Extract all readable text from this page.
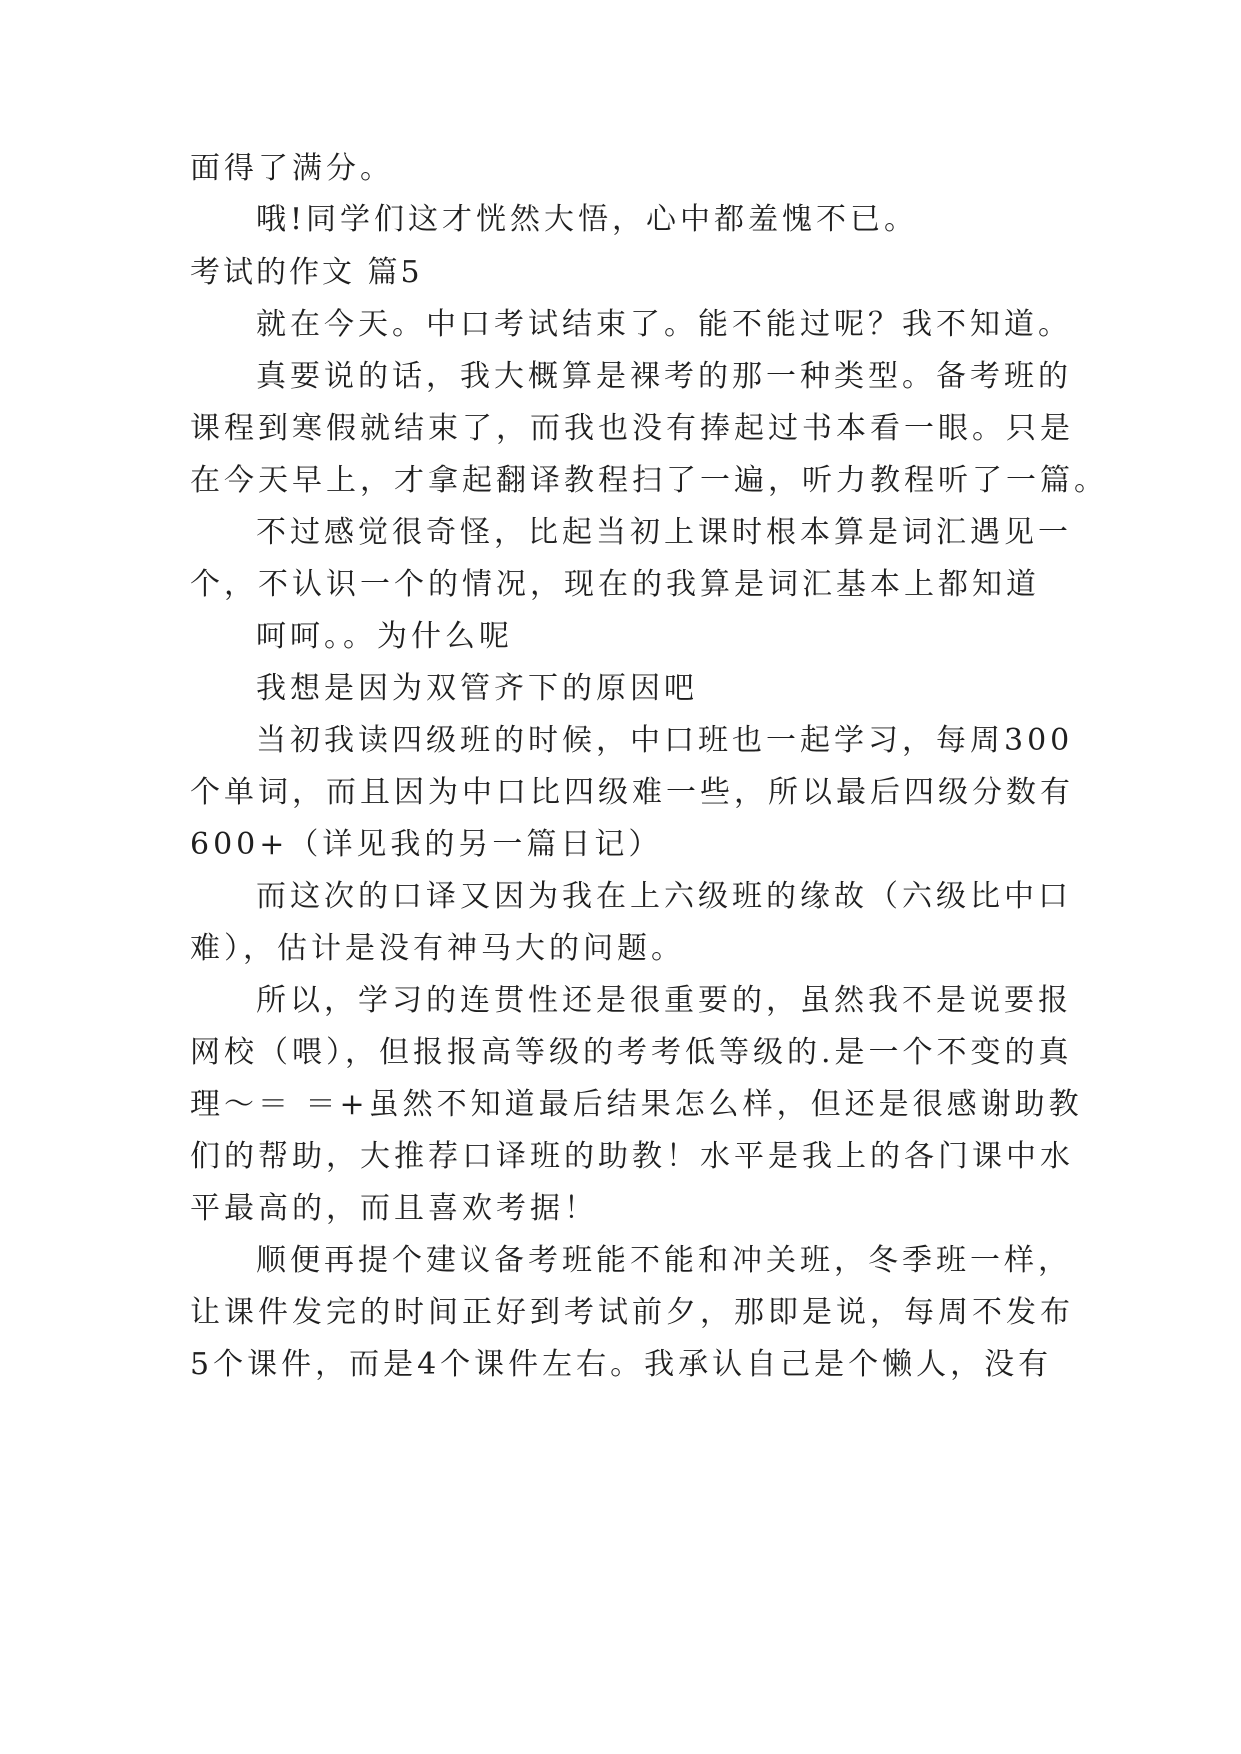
面得了满分。
哦!同学们这才恍然大悟，心中都羞愧不已。
考试的作文 篇5
就在今天。中口考试结束了。能不能过呢？我不知道。
真要说的话，我大概算是裸考的那一种类型。备考班的
课程到寒假就结束了，而我也没有捧起过书本看一眼。只是
在今天早上，才拿起翻译教程扫了一遍，听力教程听了一篇。
不过感觉很奇怪，比起当初上课时根本算是词汇遇见一
个，不认识一个的情况，现在的我算是词汇基本上都知道
呵呵。。为什么呢
我想是因为双管齐下的原因吧
当初我读四级班的时候，中口班也一起学习，每周300
个单词，而且因为中口比四级难一些，所以最后四级分数有
600+（详见我的另一篇日记）
而这次的口译又因为我在上六级班的缘故（六级比中口
难），估计是没有神马大的问题。
所以，学习的连贯性还是很重要的，虽然我不是说要报
网校（喂），但报报高等级的考考低等级的.是一个不变的真
理～＝ ＝+虽然不知道最后结果怎么样，但还是很感谢助教
们的帮助，大推荐口译班的助教！水平是我上的各门课中水
平最高的，而且喜欢考据！
顺便再提个建议备考班能不能和冲关班，冬季班一样，
让课件发完的时间正好到考试前夕，那即是说，每周不发布
5个课件，而是4个课件左右。我承认自己是个懒人，没有
